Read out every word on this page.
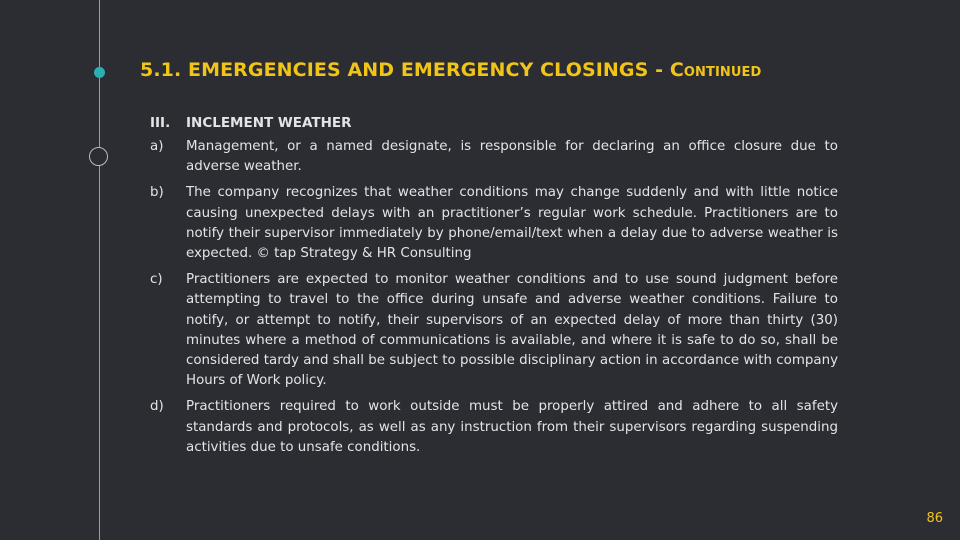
5.1. EMERGENCIES AND EMERGENCY CLOSINGS - Continued
III.	INCLEMENT WEATHER
a)	Management, or a named designate, is responsible for declaring an office closure due to adverse weather.
b)	The company recognizes that weather conditions may change suddenly and with little notice causing unexpected delays with an practitioner’s regular work schedule. Practitioners are to notify their supervisor immediately by phone/email/text when a delay due to adverse weather is expected. © tap Strategy & HR Consulting
c)	Practitioners are expected to monitor weather conditions and to use sound judgment before attempting to travel to the office during unsafe and adverse weather conditions. Failure to notify, or attempt to notify, their supervisors of an expected delay of more than thirty (30) minutes where a method of communications is available, and where it is safe to do so, shall be considered tardy and shall be subject to possible disciplinary action in accordance with company Hours of Work policy.
d)	Practitioners required to work outside must be properly attired and adhere to all safety standards and protocols, as well as any instruction from their supervisors regarding suspending activities due to unsafe conditions.
86
